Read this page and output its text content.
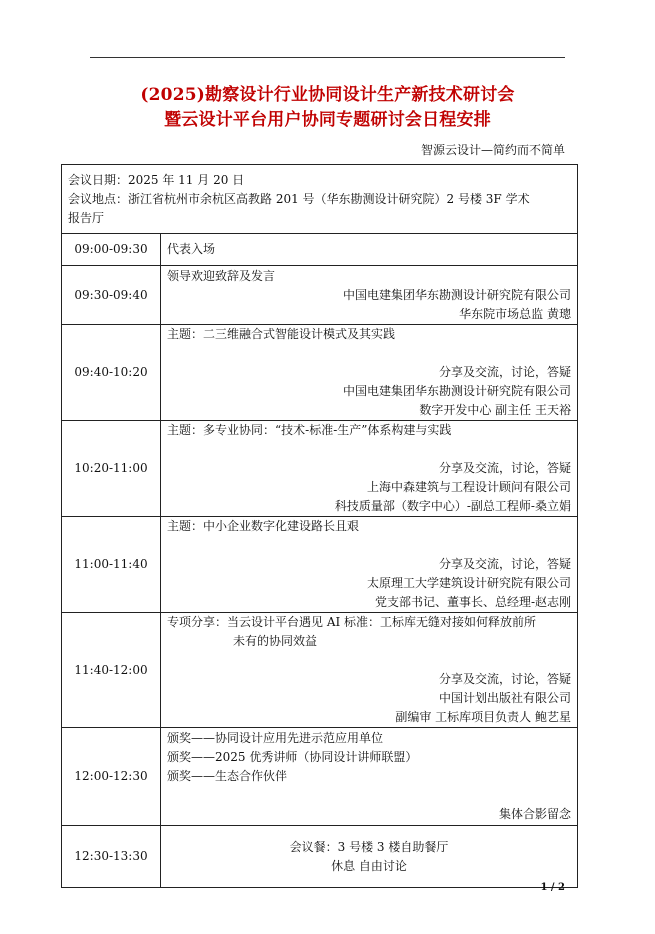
(2025)勘察设计行业协同设计生产新技术研讨会
暨云设计平台用户协同专题研讨会日程安排
智源云设计—简约而不简单
会议日期：2025 年 11 月 20 日
会议地点：浙江省杭州市余杭区高教路 201 号（华东勘测设计研究院）2 号楼 3F 学术
报告厅	

09:00-09:30	代表入场

09:30-09:40	领导欢迎致辞及发言
中国电建集团华东勘测设计研究院有限公司
华东院市场总监 黄璁

09:40-10:20	主题：二三维融合式智能设计模式及其实践
分享及交流，讨论，答疑
中国电建集团华东勘测设计研究院有限公司
数字开发中心 副主任 王天裕

10:20-11:00	主题：多专业协同：“技术-标准-生产”体系构建与实践
分享及交流，讨论，答疑
上海中森建筑与工程设计顾问有限公司
科技质量部（数字中心）-副总工程师-桑立娟

11:00-11:40	主题：中小企业数字化建设路长且艰
分享及交流，讨论，答疑
太原理工大学建筑设计研究院有限公司
党支部书记、董事长、总经理-赵志刚

11:40-12:00	专项分享：当云设计平台遇见 AI 标准：工标库无缝对接如何释放前所
未有的协同效益
分享及交流，讨论，答疑
中国计划出版社有限公司
副编审 工标库项目负责人 鲍艺星

12:00-12:30	颁奖——协同设计应用先进示范应用单位
颁奖——2025 优秀讲师（协同设计讲师联盟）
颁奖——生态合作伙伴
集体合影留念

12:30-13:30	会议餐：3 号楼 3 楼自助餐厅
休息 自由讨论
1 / 2
